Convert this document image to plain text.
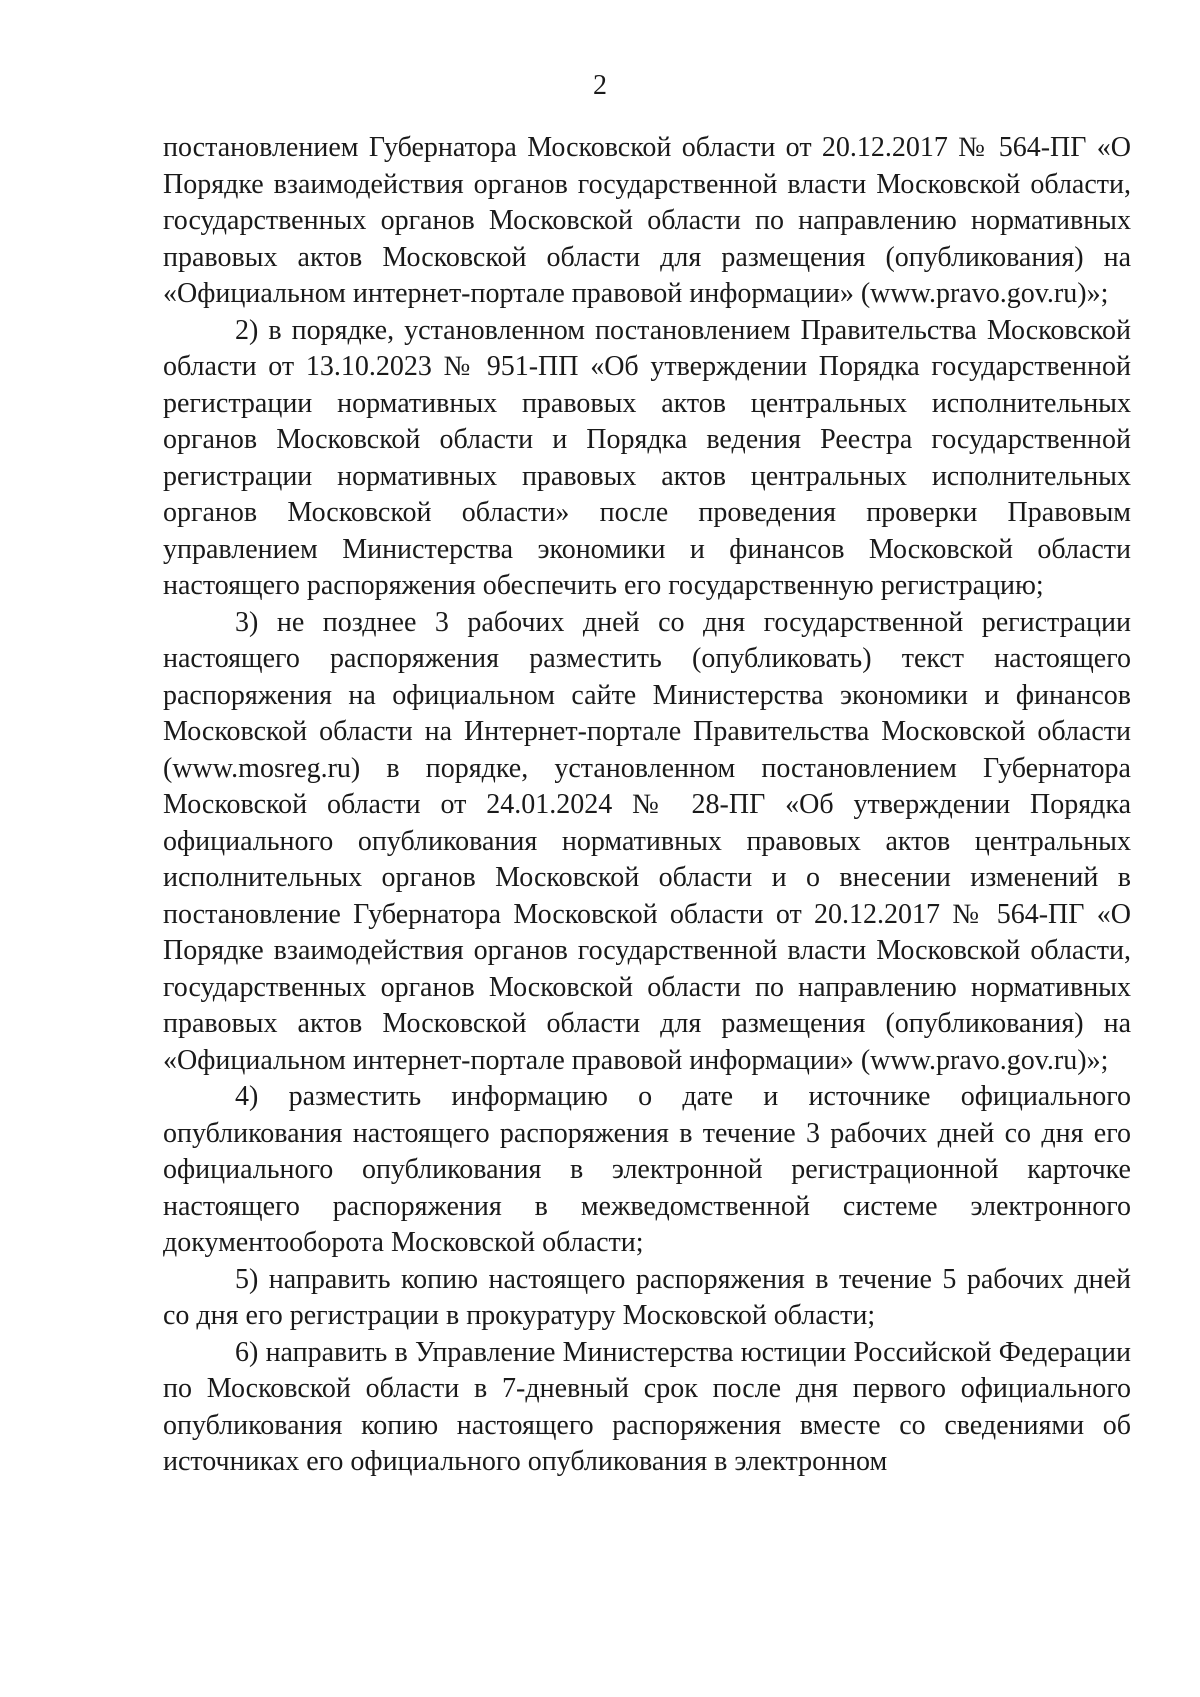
2

постановлением Губернатора Московской области от 20.12.2017 № 564-ПГ «О Порядке взаимодействия органов государственной власти Московской области, государственных органов Московской области по направлению нормативных правовых актов Московской области для размещения (опубликования) на «Официальном интернет-портале правовой информации» (www.pravo.gov.ru)»;

2) в порядке, установленном постановлением Правительства Московской области от 13.10.2023 № 951-ПП «Об утверждении Порядка государственной регистрации нормативных правовых актов центральных исполнительных органов Московской области и Порядка ведения Реестра государственной регистрации нормативных правовых актов центральных исполнительных органов Московской области» после проведения проверки Правовым управлением Министерства экономики и финансов Московской области настоящего распоряжения обеспечить его государственную регистрацию;

3) не позднее 3 рабочих дней со дня государственной регистрации настоящего распоряжения разместить (опубликовать) текст настоящего распоряжения на официальном сайте Министерства экономики и финансов Московской области на Интернет-портале Правительства Московской области (www.mosreg.ru) в порядке, установленном постановлением Губернатора Московской области от 24.01.2024 № 28-ПГ «Об утверждении Порядка официального опубликования нормативных правовых актов центральных исполнительных органов Московской области и о внесении изменений в постановление Губернатора Московской области от 20.12.2017 № 564-ПГ «О Порядке взаимодействия органов государственной власти Московской области, государственных органов Московской области по направлению нормативных правовых актов Московской области для размещения (опубликования) на «Официальном интернет-портале правовой информации» (www.pravo.gov.ru)»;

4) разместить информацию о дате и источнике официального опубликования настоящего распоряжения в течение 3 рабочих дней со дня его официального опубликования в электронной регистрационной карточке настоящего распоряжения в межведомственной системе электронного документооборота Московской области;

5) направить копию настоящего распоряжения в течение 5 рабочих дней со дня его регистрации в прокуратуру Московской области;

6) направить в Управление Министерства юстиции Российской Федерации по Московской области в 7-дневный срок после дня первого официального опубликования копию настоящего распоряжения вместе со сведениями об источниках его официального опубликования в электронном
